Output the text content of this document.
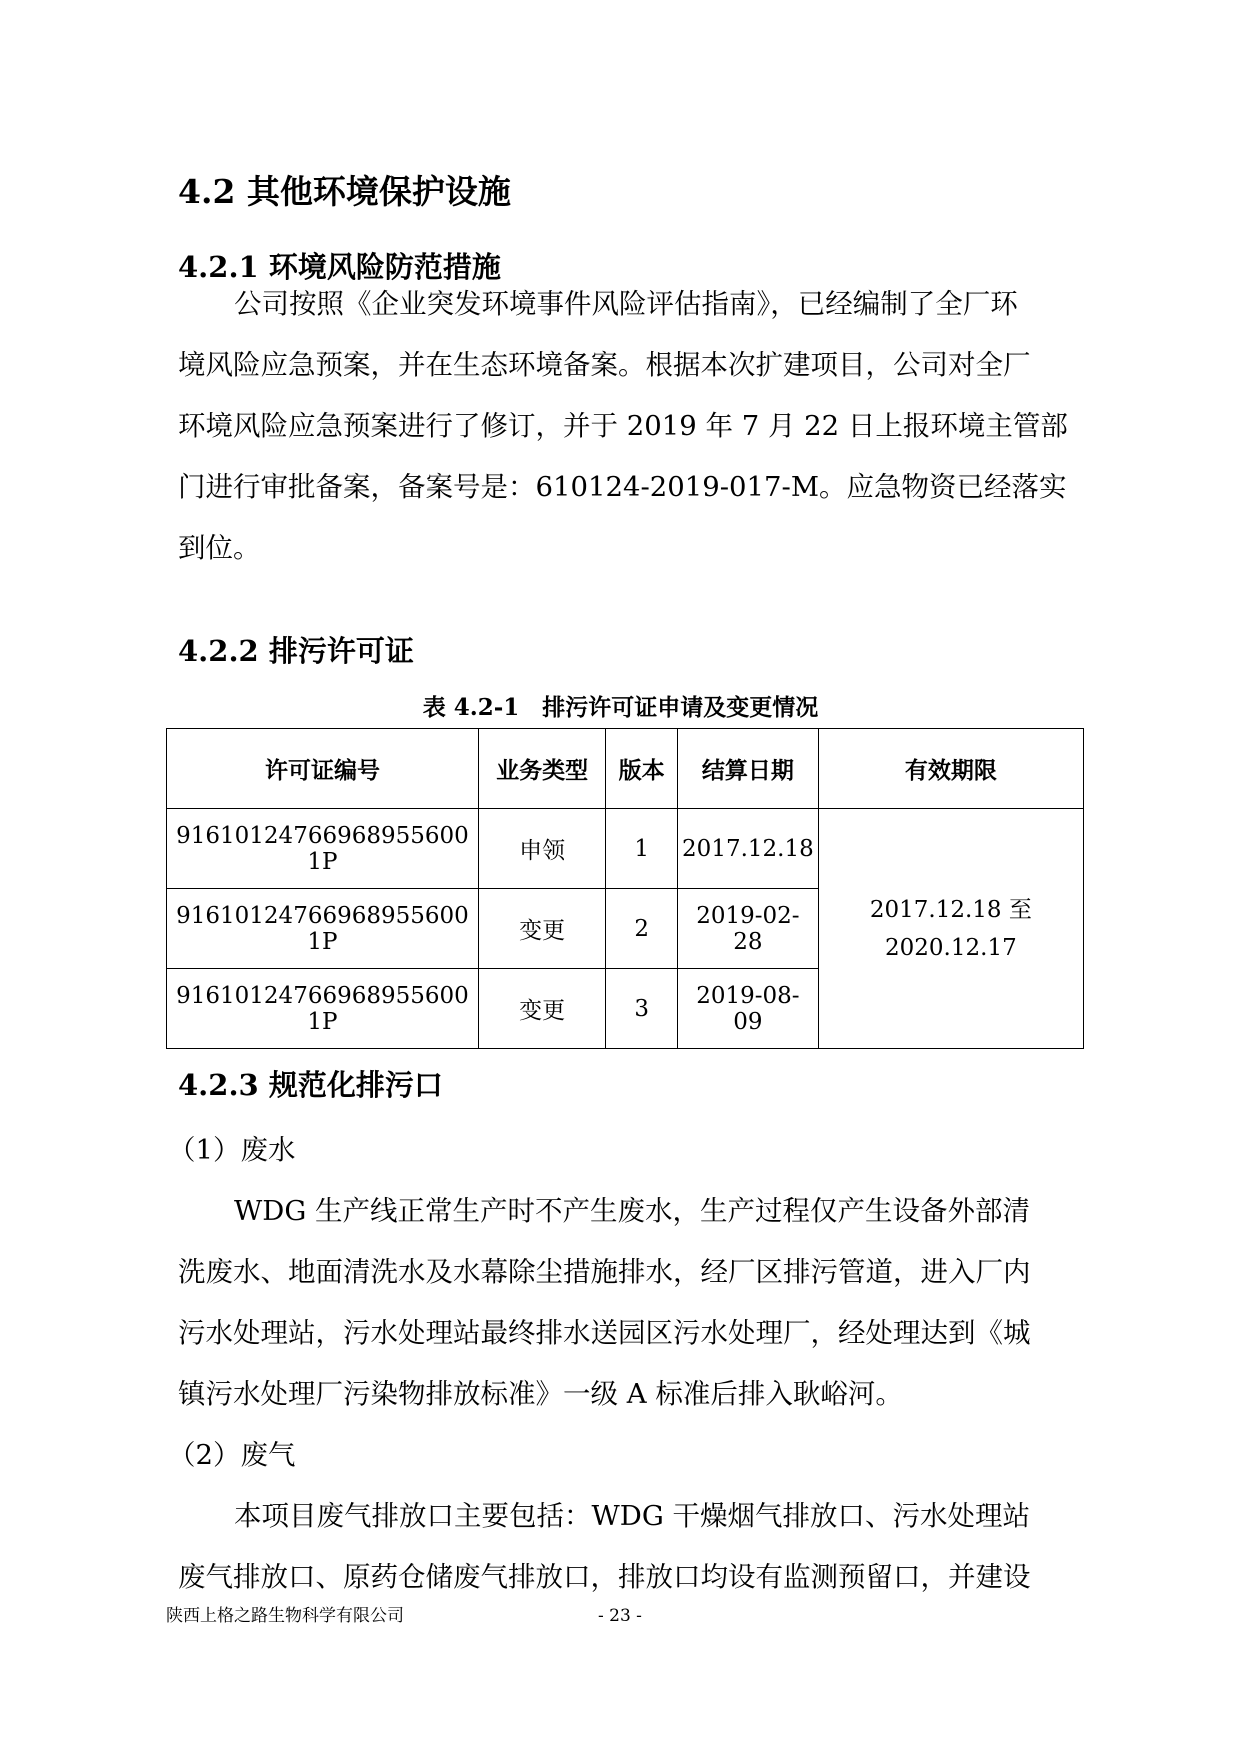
4.2 其他环境保护设施
4.2.1 环境风险防范措施

公司按照《企业突发环境事件风险评估指南》，已经编制了全厂环
境风险应急预案，并在生态环境备案。根据本次扩建项目，公司对全厂
环境风险应急预案进行了修订，并于 2019 年 7 月 22 日上报环境主管部
门进行审批备案，备案号是：610124-2019-017-M。应急物资已经落实
到位。

4.2.2 排污许可证
表 4.2-1　排污许可证申请及变更情况
许可证编号	业务类型	版本	结算日期	有效期限
91610124766968955600 1P	申领	1	2017.12.18	2017.12.18 至
2020.12.17

91610124766968955600 1P	变更	2	2019-02-28	
91610124766968955600 1P	变更	3	2019-08-09	
4.2.3 规范化排污口

（1）废水

WDG 生产线正常生产时不产生废水，生产过程仅产生设备外部清
洗废水、地面清洗水及水幕除尘措施排水，经厂区排污管道，进入厂内
污水处理站，污水处理站最终排水送园区污水处理厂，经处理达到《城
镇污水处理厂污染物排放标准》一级 A 标准后排入耿峪河。

（2）废气

本项目废气排放口主要包括：WDG 干燥烟气排放口、污水处理站
废气排放口、原药仓储废气排放口，排放口均设有监测预留口，并建设

陕西上格之路生物科学有限公司	- 23 -
